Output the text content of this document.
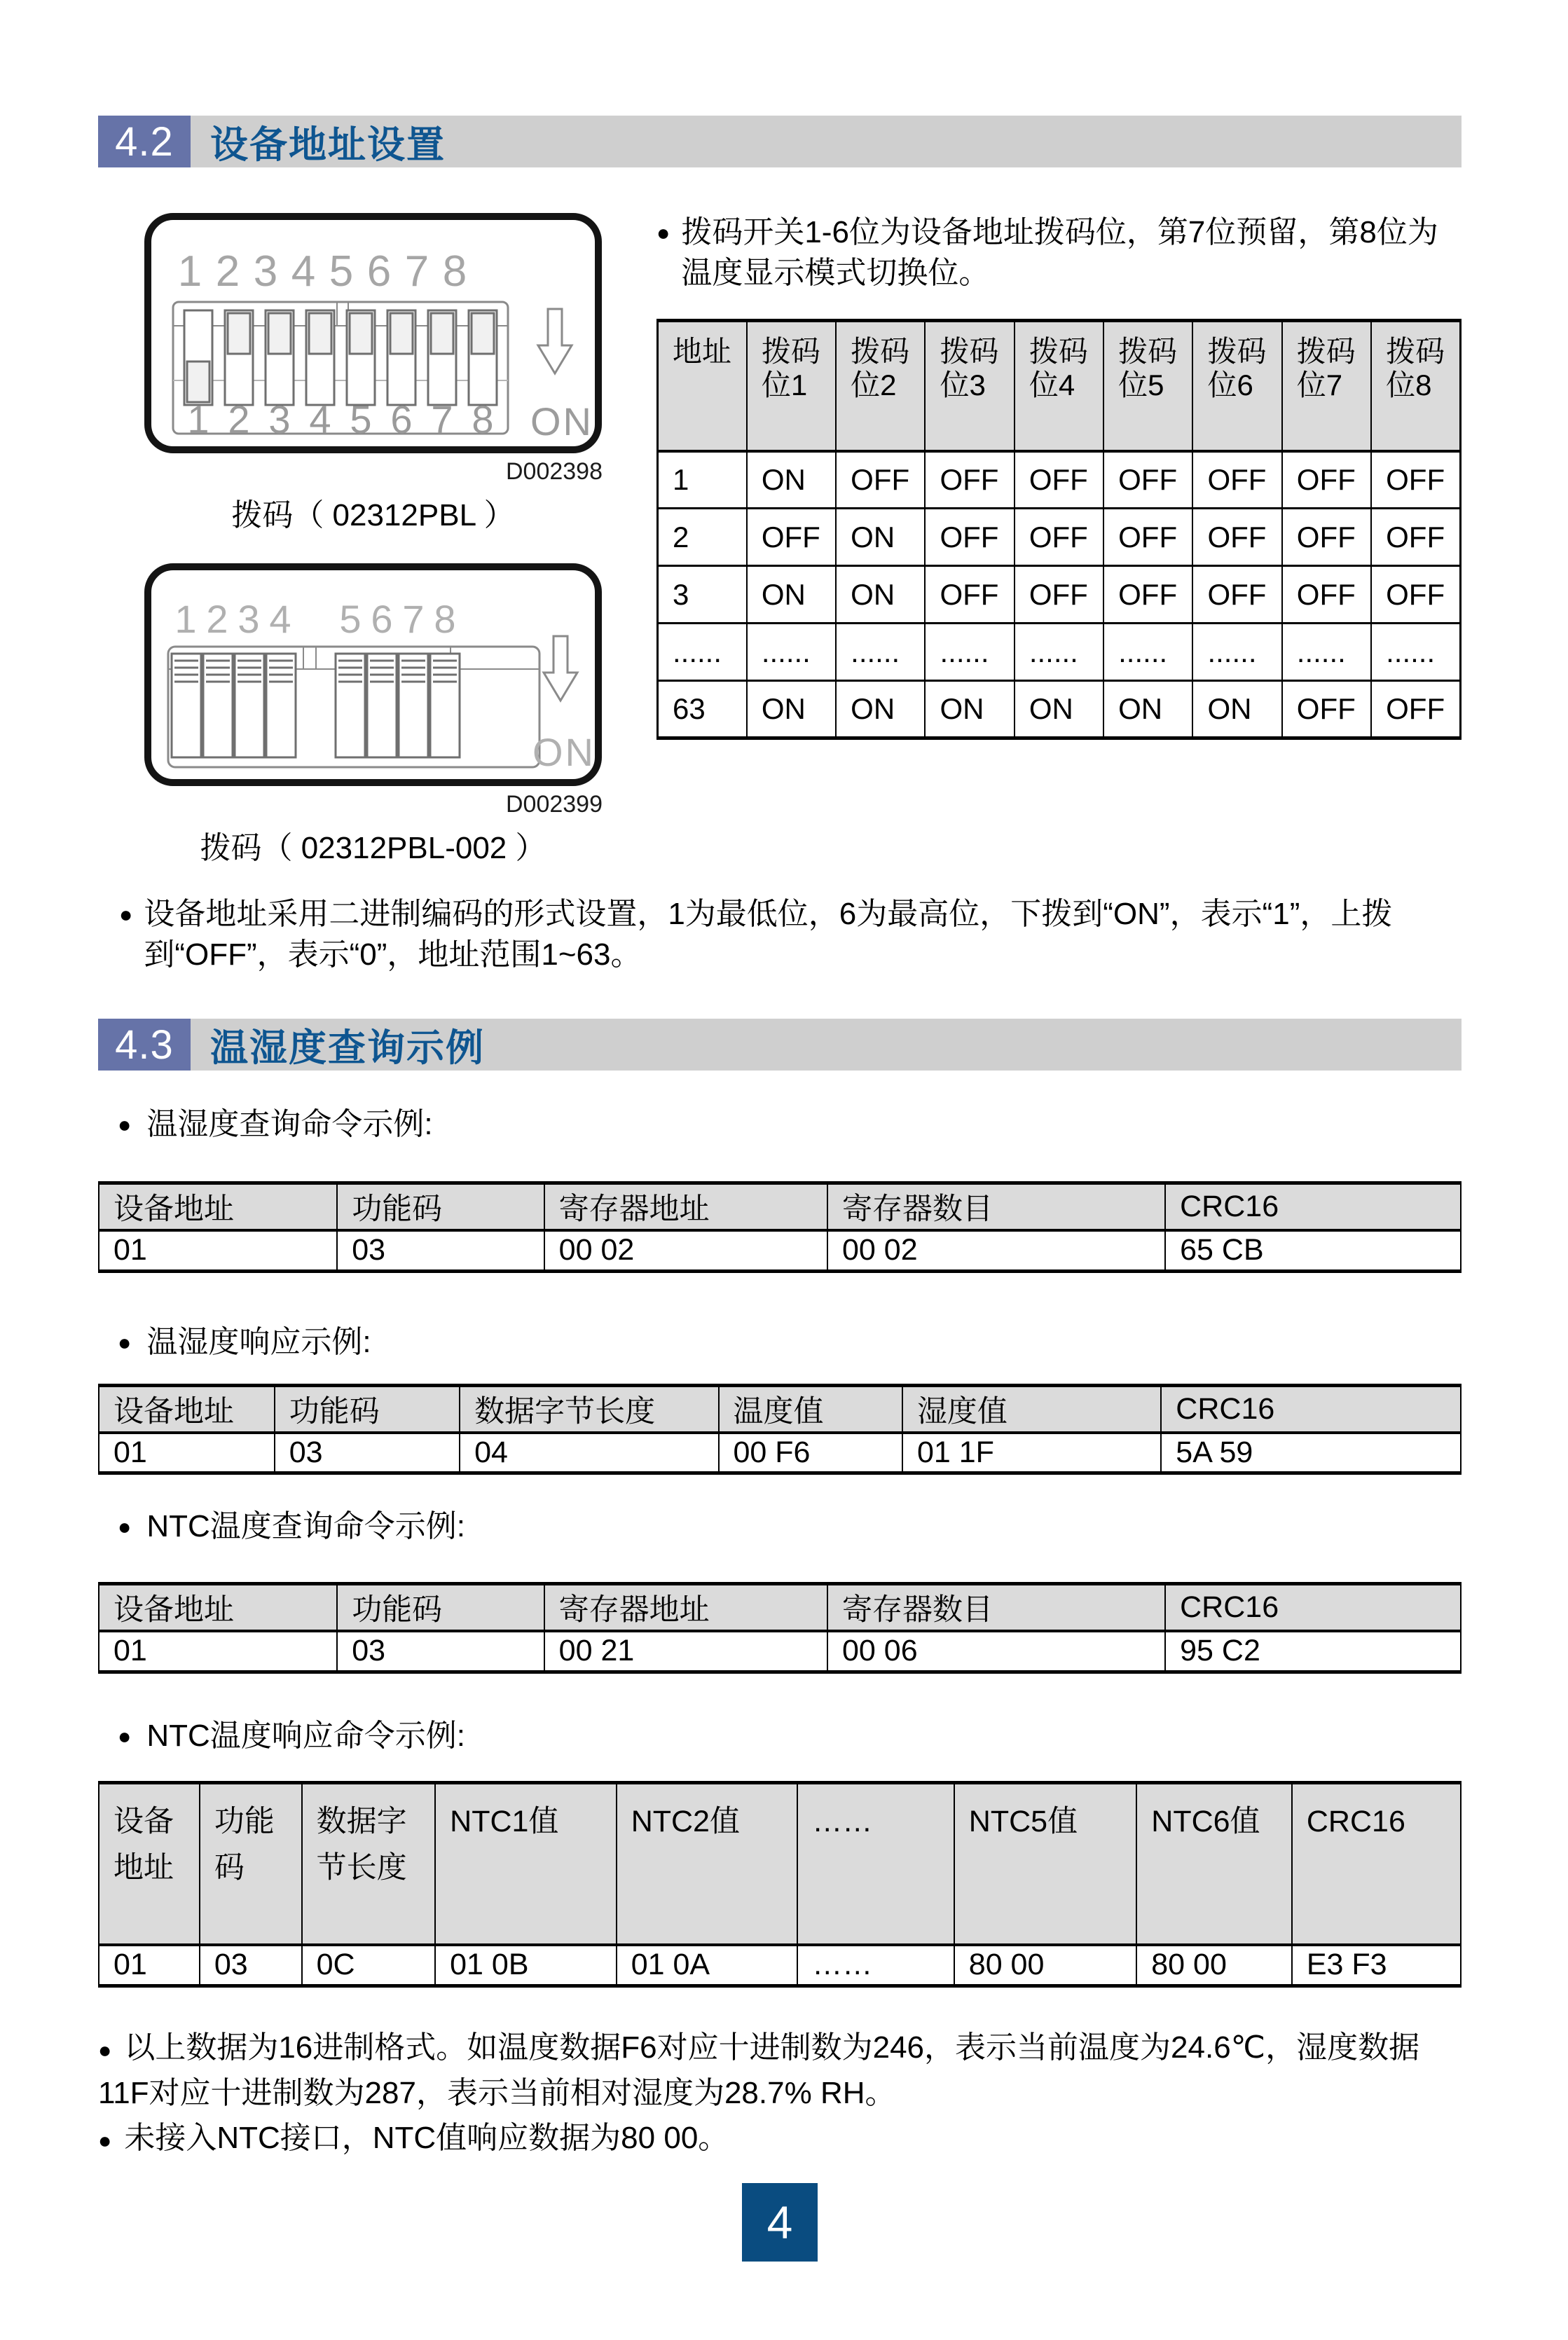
4.2 设备地址设置
1 2 3 4 5 6 7 8
1 2 3 4 5 6 7 8 ON
D002398
拨码（ 02312PBL ）
1 2 3 4 5 6 7 8
ON
D002399
拨码（ 02312PBL-002 ）
● 拨码开关1-6位为设备地址拨码位，第7位预留，第8位为温度显示模式切换位。
地址	拨码位1	拨码位2	拨码位3	拨码位4	拨码位5	拨码位6	拨码位7	拨码位8
1	ON	OFF	OFF	OFF	OFF	OFF	OFF	OFF
2	OFF	ON	OFF	OFF	OFF	OFF	OFF	OFF
3	ON	ON	OFF	OFF	OFF	OFF	OFF	OFF
......	......	......	......	......	......	......	......	......
63	ON	ON	ON	ON	ON	ON	OFF	OFF
● 设备地址采用二进制编码的形式设置，1为最低位，6为最高位，下拨到“ON”，表示“1”，上拨到“OFF”，表示“0”，地址范围1~63。
4.3 温湿度查询示例
● 温湿度查询命令示例:
设备地址	功能码	寄存器地址	寄存器数目	CRC16
01	03	00 02	00 02	65 CB
● 温湿度响应示例:
设备地址	功能码	数据字节长度	温度值	湿度值	CRC16
01	03	04	00 F6	01 1F	5A 59
● NTC温度查询命令示例:
设备地址	功能码	寄存器地址	寄存器数目	CRC16
01	03	00 21	00 06	95 C2
● NTC温度响应命令示例:
设备地址	功能码	数据字节长度	NTC1值	NTC2值	……	NTC5值	NTC6值	CRC16
01	03	0C	01 0B	01 0A	……	80 00	80 00	E3 F3

● 以上数据为16进制格式。如温度数据F6对应十进制数为246，表示当前温度为24.6℃，湿度数据11F对应十进制数为287，表示当前相对湿度为28.7% RH。

● 未接入NTC接口，NTC值响应数据为80 00。

4
